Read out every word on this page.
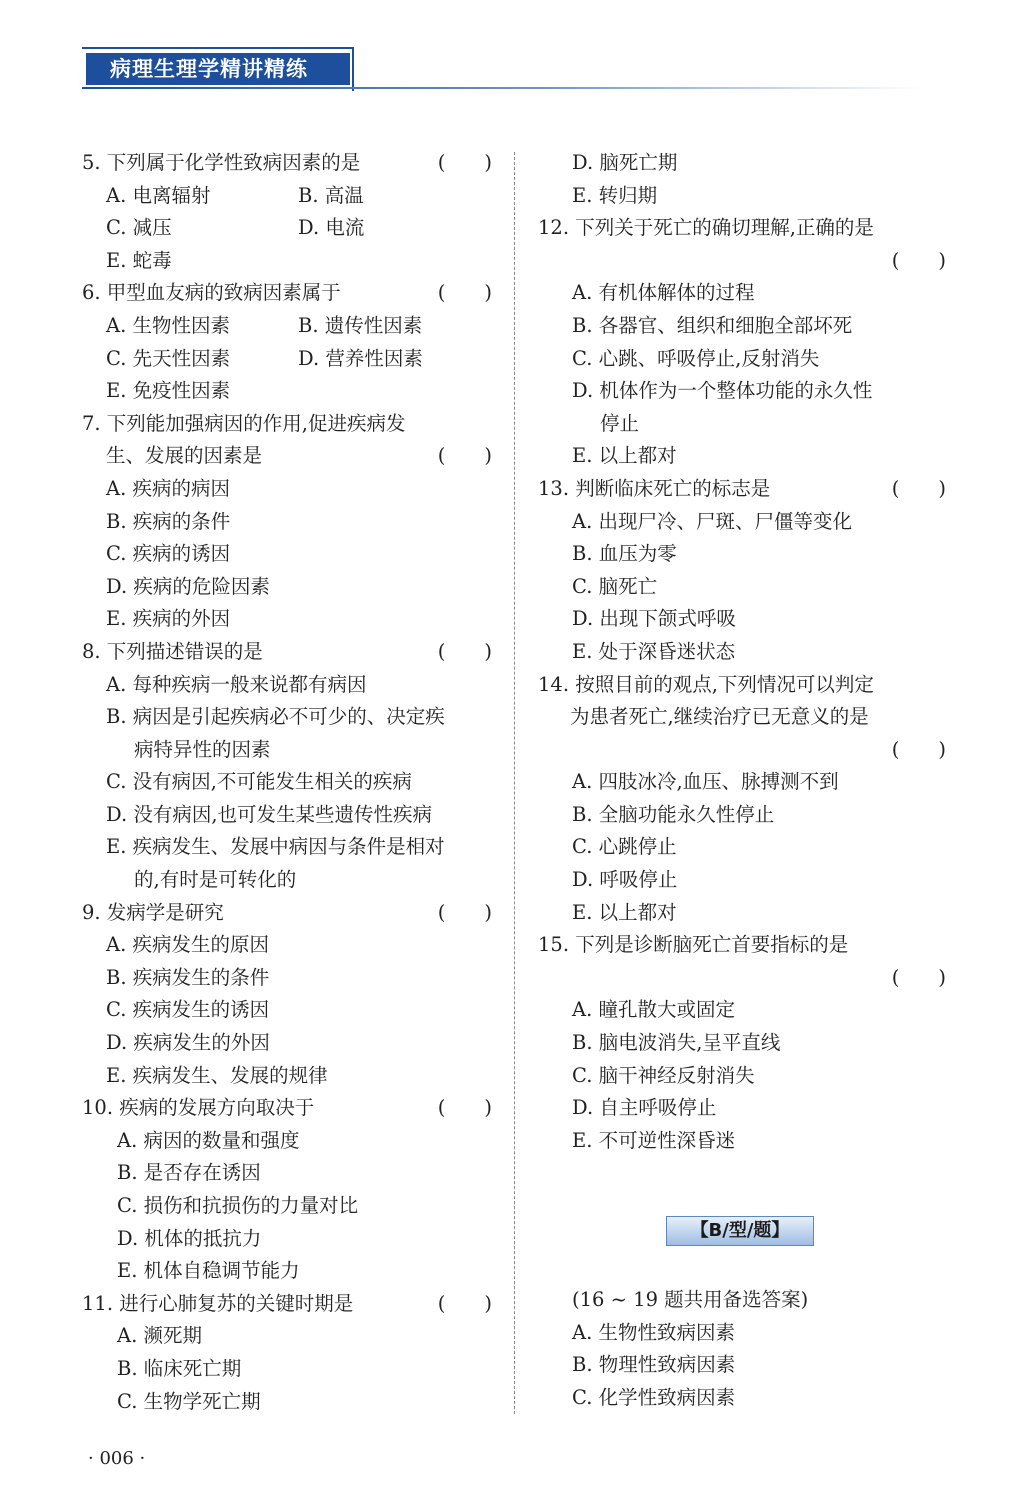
病理生理学精讲精练
5. 下列属于化学性致病因素的是	(　　)
A. 电离辐射	B. 高温
C. 减压	D. 电流
E. 蛇毒
6. 甲型血友病的致病因素属于	(　　)
A. 生物性因素	B. 遗传性因素
C. 先天性因素	D. 营养性因素
E. 免疫性因素
7. 下列能加强病因的作用,促进疾病发
生、发展的因素是	(　　)
A. 疾病的病因
B. 疾病的条件
C. 疾病的诱因
D. 疾病的危险因素
E. 疾病的外因
8. 下列描述错误的是	(　　)
A. 每种疾病一般来说都有病因
B. 病因是引起疾病必不可少的、决定疾
病特异性的因素
C. 没有病因,不可能发生相关的疾病
D. 没有病因,也可发生某些遗传性疾病
E. 疾病发生、发展中病因与条件是相对
的,有时是可转化的
9. 发病学是研究	(　　)
A. 疾病发生的原因
B. 疾病发生的条件
C. 疾病发生的诱因
D. 疾病发生的外因
E. 疾病发生、发展的规律
10. 疾病的发展方向取决于	(　　)
A. 病因的数量和强度
B. 是否存在诱因
C. 损伤和抗损伤的力量对比
D. 机体的抵抗力
E. 机体自稳调节能力
11. 进行心肺复苏的关键时期是	(　　)
A. 濒死期
B. 临床死亡期
C. 生物学死亡期
D. 脑死亡期
E. 转归期
12. 下列关于死亡的确切理解,正确的是
(　　)
A. 有机体解体的过程
B. 各器官、组织和细胞全部坏死
C. 心跳、呼吸停止,反射消失
D. 机体作为一个整体功能的永久性
停止
E. 以上都对
13. 判断临床死亡的标志是	(　　)
A. 出现尸冷、尸斑、尸僵等变化
B. 血压为零
C. 脑死亡
D. 出现下颌式呼吸
E. 处于深昏迷状态
14. 按照目前的观点,下列情况可以判定
为患者死亡,继续治疗已无意义的是
(　　)
A. 四肢冰冷,血压、脉搏测不到
B. 全脑功能永久性停止
C. 心跳停止
D. 呼吸停止
E. 以上都对
15. 下列是诊断脑死亡首要指标的是
(　　)
A. 瞳孔散大或固定
B. 脑电波消失,呈平直线
C. 脑干神经反射消失
D. 自主呼吸停止
E. 不可逆性深昏迷
【B/型/题】
(16 ~ 19 题共用备选答案)
A. 生物性致病因素
B. 物理性致病因素
C. 化学性致病因素
· 006 ·
